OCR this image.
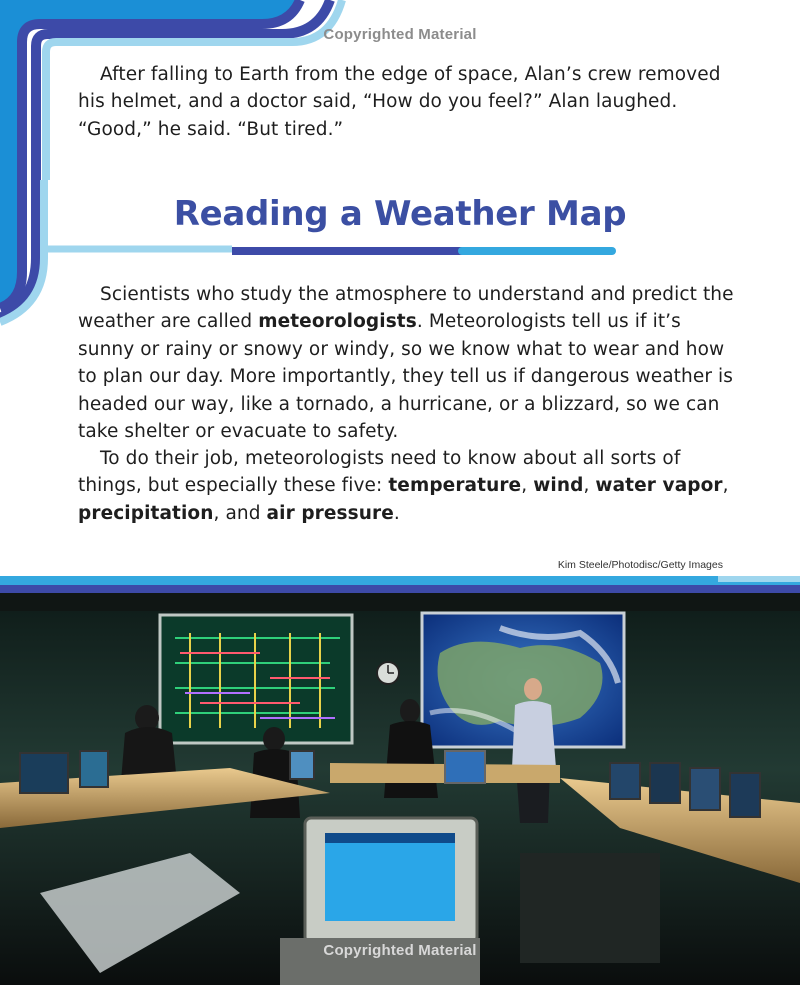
Copyrighted Material

After falling to Earth from the edge of space, Alan’s crew removed his helmet, and a doctor said, “How do you feel?” Alan laughed. “Good,” he said. “But tired.”

Reading a Weather Map

Scientists who study the atmosphere to understand and predict the weather are called meteorologists. Meteorologists tell us if it’s sunny or rainy or snowy or windy, so we know what to wear and how to plan our day. More importantly, they tell us if dangerous weather is headed our way, like a tornado, a hurricane, or a blizzard, so we can take shelter or evacuate to safety.

To do their job, meteorologists need to know about all sorts of things, but especially these five: temperature, wind, water vapor, precipitation, and air pressure.

Kim Steele/Photodisc/Getty Images
Copyrighted Material
